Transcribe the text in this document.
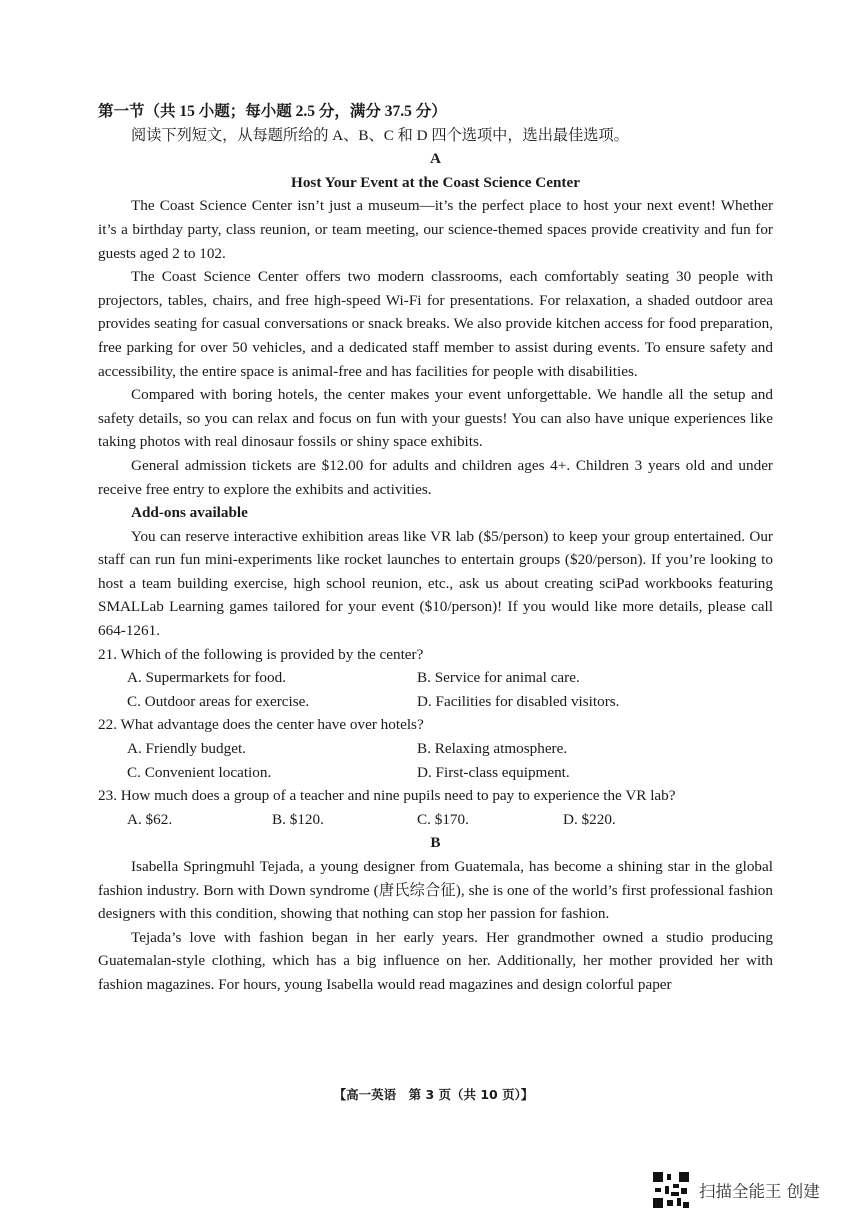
第一节（共 15 小题；每小题 2.5 分，满分 37.5 分）

阅读下列短文，从每题所给的 A、B、C 和 D 四个选项中，选出最佳选项。

A
Host Your Event at the Coast Science Center

The Coast Science Center isn’t just a museum—it’s the perfect place to host your next event! Whether it’s a birthday party, class reunion, or team meeting, our science-themed spaces provide creativity and fun for guests aged 2 to 102.

The Coast Science Center offers two modern classrooms, each comfortably seating 30 people with projectors, tables, chairs, and free high-speed Wi-Fi for presentations. For relaxation, a shaded outdoor area provides seating for casual conversations or snack breaks. We also provide kitchen access for food preparation, free parking for over 50 vehicles, and a dedicated staff member to assist during events. To ensure safety and accessibility, the entire space is animal-free and has facilities for people with disabilities.

Compared with boring hotels, the center makes your event unforgettable. We handle all the setup and safety details, so you can relax and focus on fun with your guests! You can also have unique experiences like taking photos with real dinosaur fossils or shiny space exhibits.

General admission tickets are $12.00 for adults and children ages 4+. Children 3 years old and under receive free entry to explore the exhibits and activities.

Add-ons available

You can reserve interactive exhibition areas like VR lab ($5/person) to keep your group entertained. Our staff can run fun mini-experiments like rocket launches to entertain groups ($20/person). If you’re looking to host a team building exercise, high school reunion, etc., ask us about creating sciPad workbooks featuring SMALLab Learning games tailored for your event ($10/person)! If you would like more details, please call 664-1261.

21. Which of the following is provided by the center?

A. Supermarkets for food.	B. Service for animal care.
C. Outdoor areas for exercise.	D. Facilities for disabled visitors.

22. What advantage does the center have over hotels?

A. Friendly budget.	B. Relaxing atmosphere.
C. Convenient location.	D. First-class equipment.

23. How much does a group of a teacher and nine pupils need to pay to experience the VR lab?

A. $62.	B. $120.	C. $170.	D. $220.
B

Isabella Springmuhl Tejada, a young designer from Guatemala, has become a shining star in the global fashion industry. Born with Down syndrome (唐氏综合征), she is one of the world’s first professional fashion designers with this condition, showing that nothing can stop her passion for fashion.

Tejada’s love with fashion began in her early years. Her grandmother owned a studio producing Guatemalan-style clothing, which has a big influence on her. Additionally, her mother provided her with fashion magazines. For hours, young Isabella would read magazines and design colorful paper

【高一英语　第 3 页（共 10 页）】
扫描全能王 创建
